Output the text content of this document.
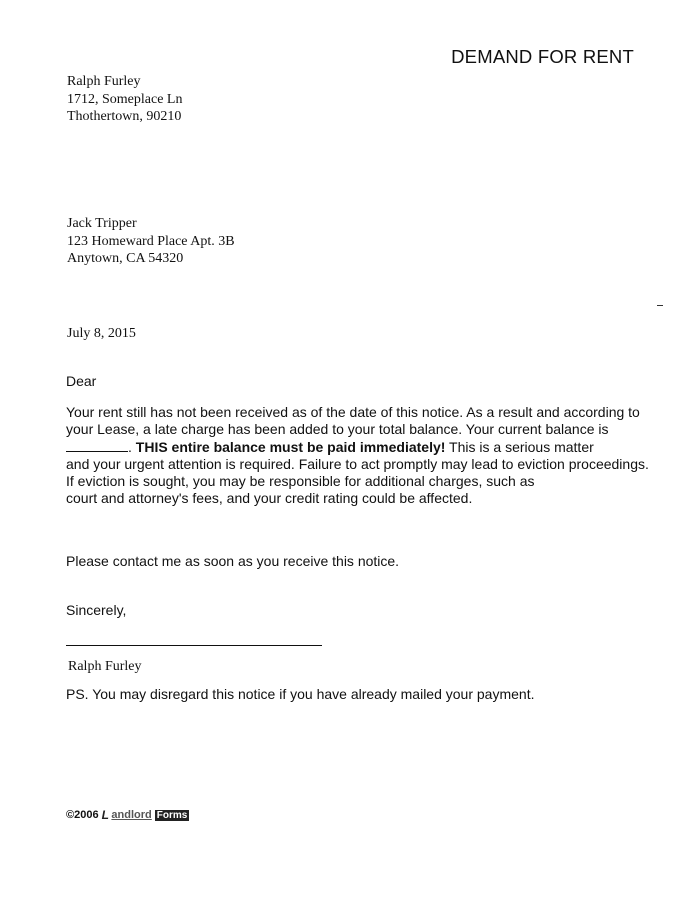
DEMAND FOR RENT
Ralph Furley
1712, Someplace Ln
Thothertown, 90210
Jack Tripper
123 Homeward Place Apt. 3B
Anytown, CA 54320
July 8, 2015
Dear
Your rent still has not been received as of the date of this notice. As a result and according to
your Lease, a late charge has been added to your total balance. Your current balance is
. THIS entire balance must be paid immediately! This is a serious matter
and your urgent attention is required. Failure to act promptly may lead to eviction proceedings.
If eviction is sought, you may be responsible for additional charges, such as
court and attorney's fees, and your credit rating could be affected.
Please contact me as soon as you receive this notice.
Sincerely,
Ralph Furley
PS. You may disregard this notice if you have already mailed your payment.
©2006 L andlord Forms
